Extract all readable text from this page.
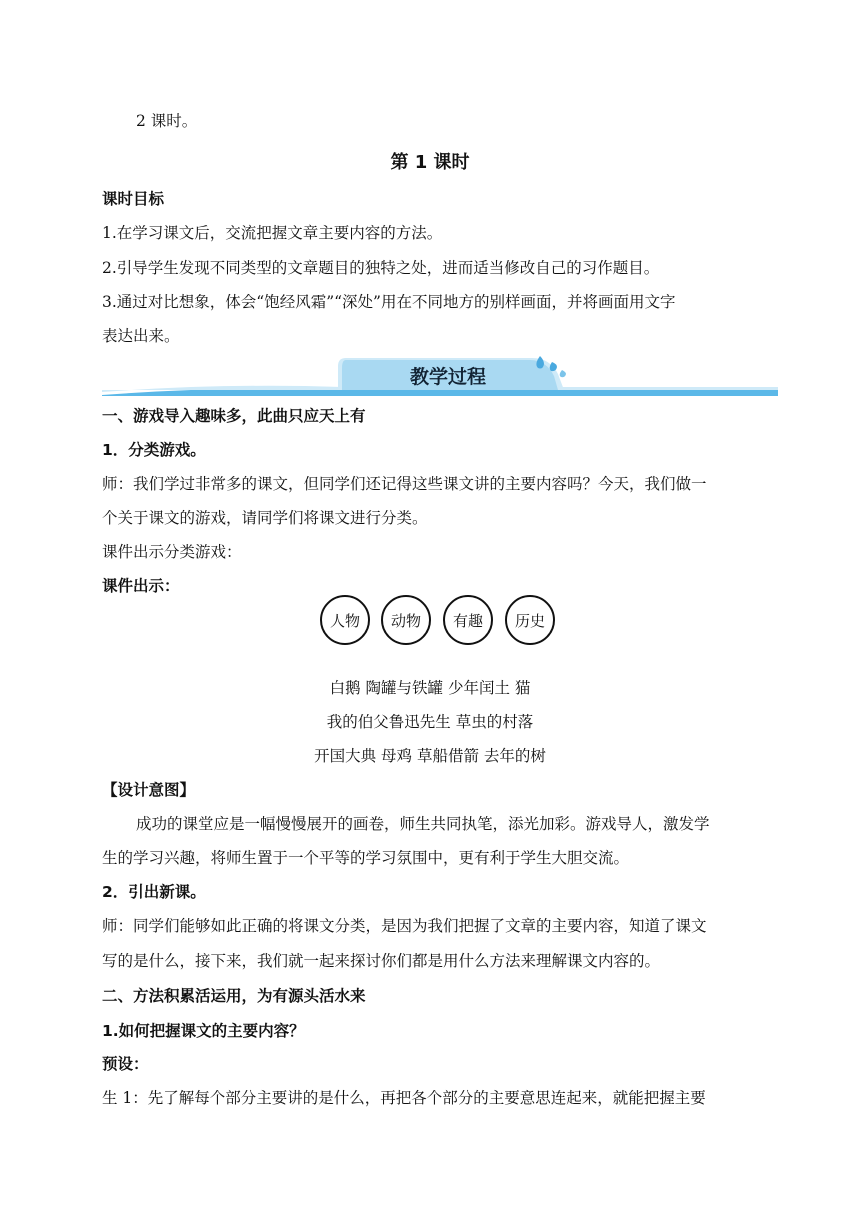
2 课时。
第 1 课时
课时目标
1.在学习课文后，交流把握文章主要内容的方法。
2.引导学生发现不同类型的文章题目的独特之处，进而适当修改自己的习作题目。
3.通过对比想象，体会“饱经风霜”“深处”用在不同地方的别样画面，并将画面用文字
表达出来。
教学过程
一、游戏导入趣味多，此曲只应天上有
1．分类游戏。
师：我们学过非常多的课文，但同学们还记得这些课文讲的主要内容吗？今天，我们做一
个关于课文的游戏，请同学们将课文进行分类。
课件出示分类游戏：
课件出示：
人物 动物 有趣 历史
白鹅 陶罐与铁罐 少年闰土 猫
我的伯父鲁迅先生 草虫的村落
开国大典 母鸡 草船借箭 去年的树
【设计意图】
成功的课堂应是一幅慢慢展开的画卷，师生共同执笔，添光加彩。游戏导人，激发学
生的学习兴趣，将师生置于一个平等的学习氛围中，更有利于学生大胆交流。
2．引出新课。
师：同学们能够如此正确的将课文分类，是因为我们把握了文章的主要内容，知道了课文
写的是什么，接下来，我们就一起来探讨你们都是用什么方法来理解课文内容的。
二、方法积累活运用，为有源头活水来
1.如何把握课文的主要内容？
预设：
生 1：先了解每个部分主要讲的是什么，再把各个部分的主要意思连起来，就能把握主要
